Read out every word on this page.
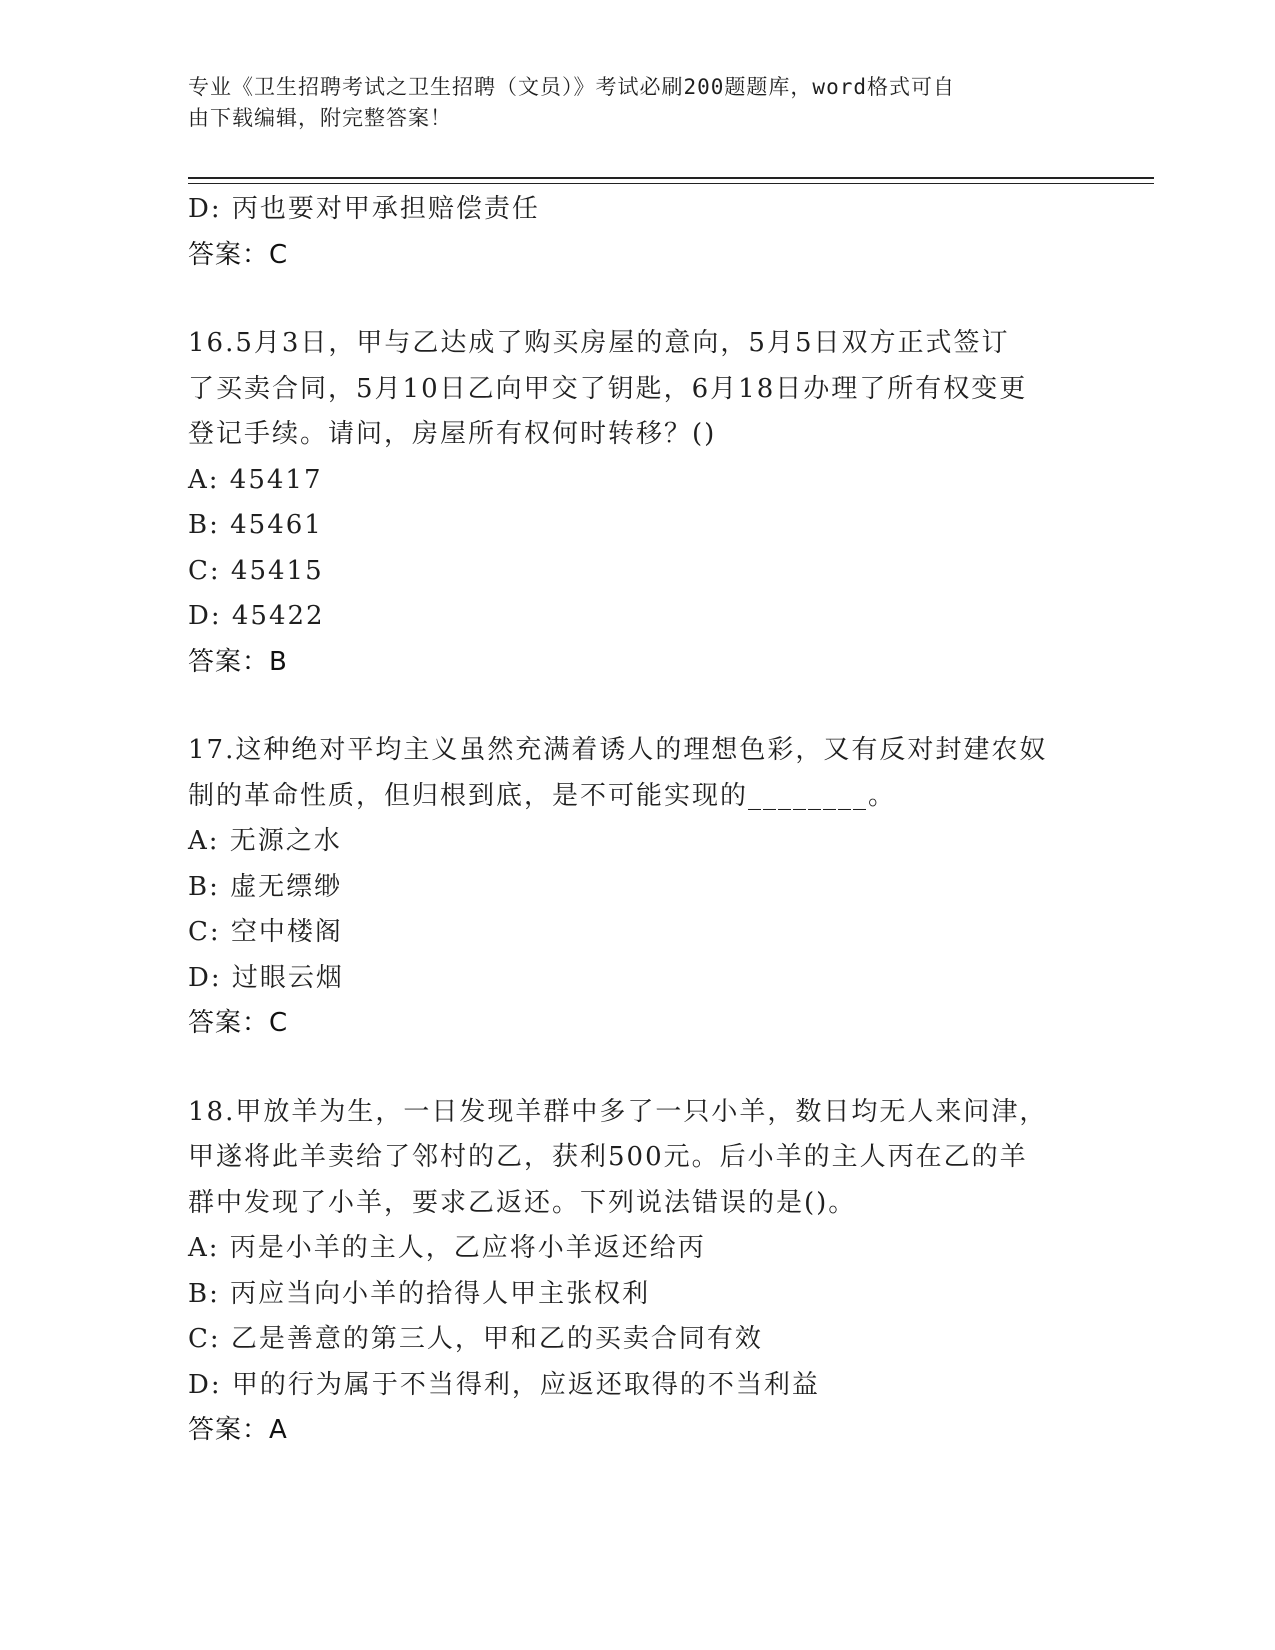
专业《卫生招聘考试之卫生招聘（文员）》考试必刷200题题库，word格式可自
由下载编辑，附完整答案！
D: 丙也要对甲承担赔偿责任
答案：C
16.5月3日，甲与乙达成了购买房屋的意向，5月5日双方正式签订
了买卖合同，5月10日乙向甲交了钥匙，6月18日办理了所有权变更
登记手续。请问，房屋所有权何时转移？()
A: 45417
B: 45461
C: 45415
D: 45422
答案：B
17.这种绝对平均主义虽然充满着诱人的理想色彩，又有反对封建农奴
制的革命性质，但归根到底，是不可能实现的________。
A: 无源之水
B: 虚无缥缈
C: 空中楼阁
D: 过眼云烟
答案：C
18.甲放羊为生，一日发现羊群中多了一只小羊，数日均无人来问津，
甲遂将此羊卖给了邻村的乙，获利500元。后小羊的主人丙在乙的羊
群中发现了小羊，要求乙返还。下列说法错误的是()。
A: 丙是小羊的主人，乙应将小羊返还给丙
B: 丙应当向小羊的拾得人甲主张权利
C: 乙是善意的第三人，甲和乙的买卖合同有效
D: 甲的行为属于不当得利，应返还取得的不当利益
答案：A
